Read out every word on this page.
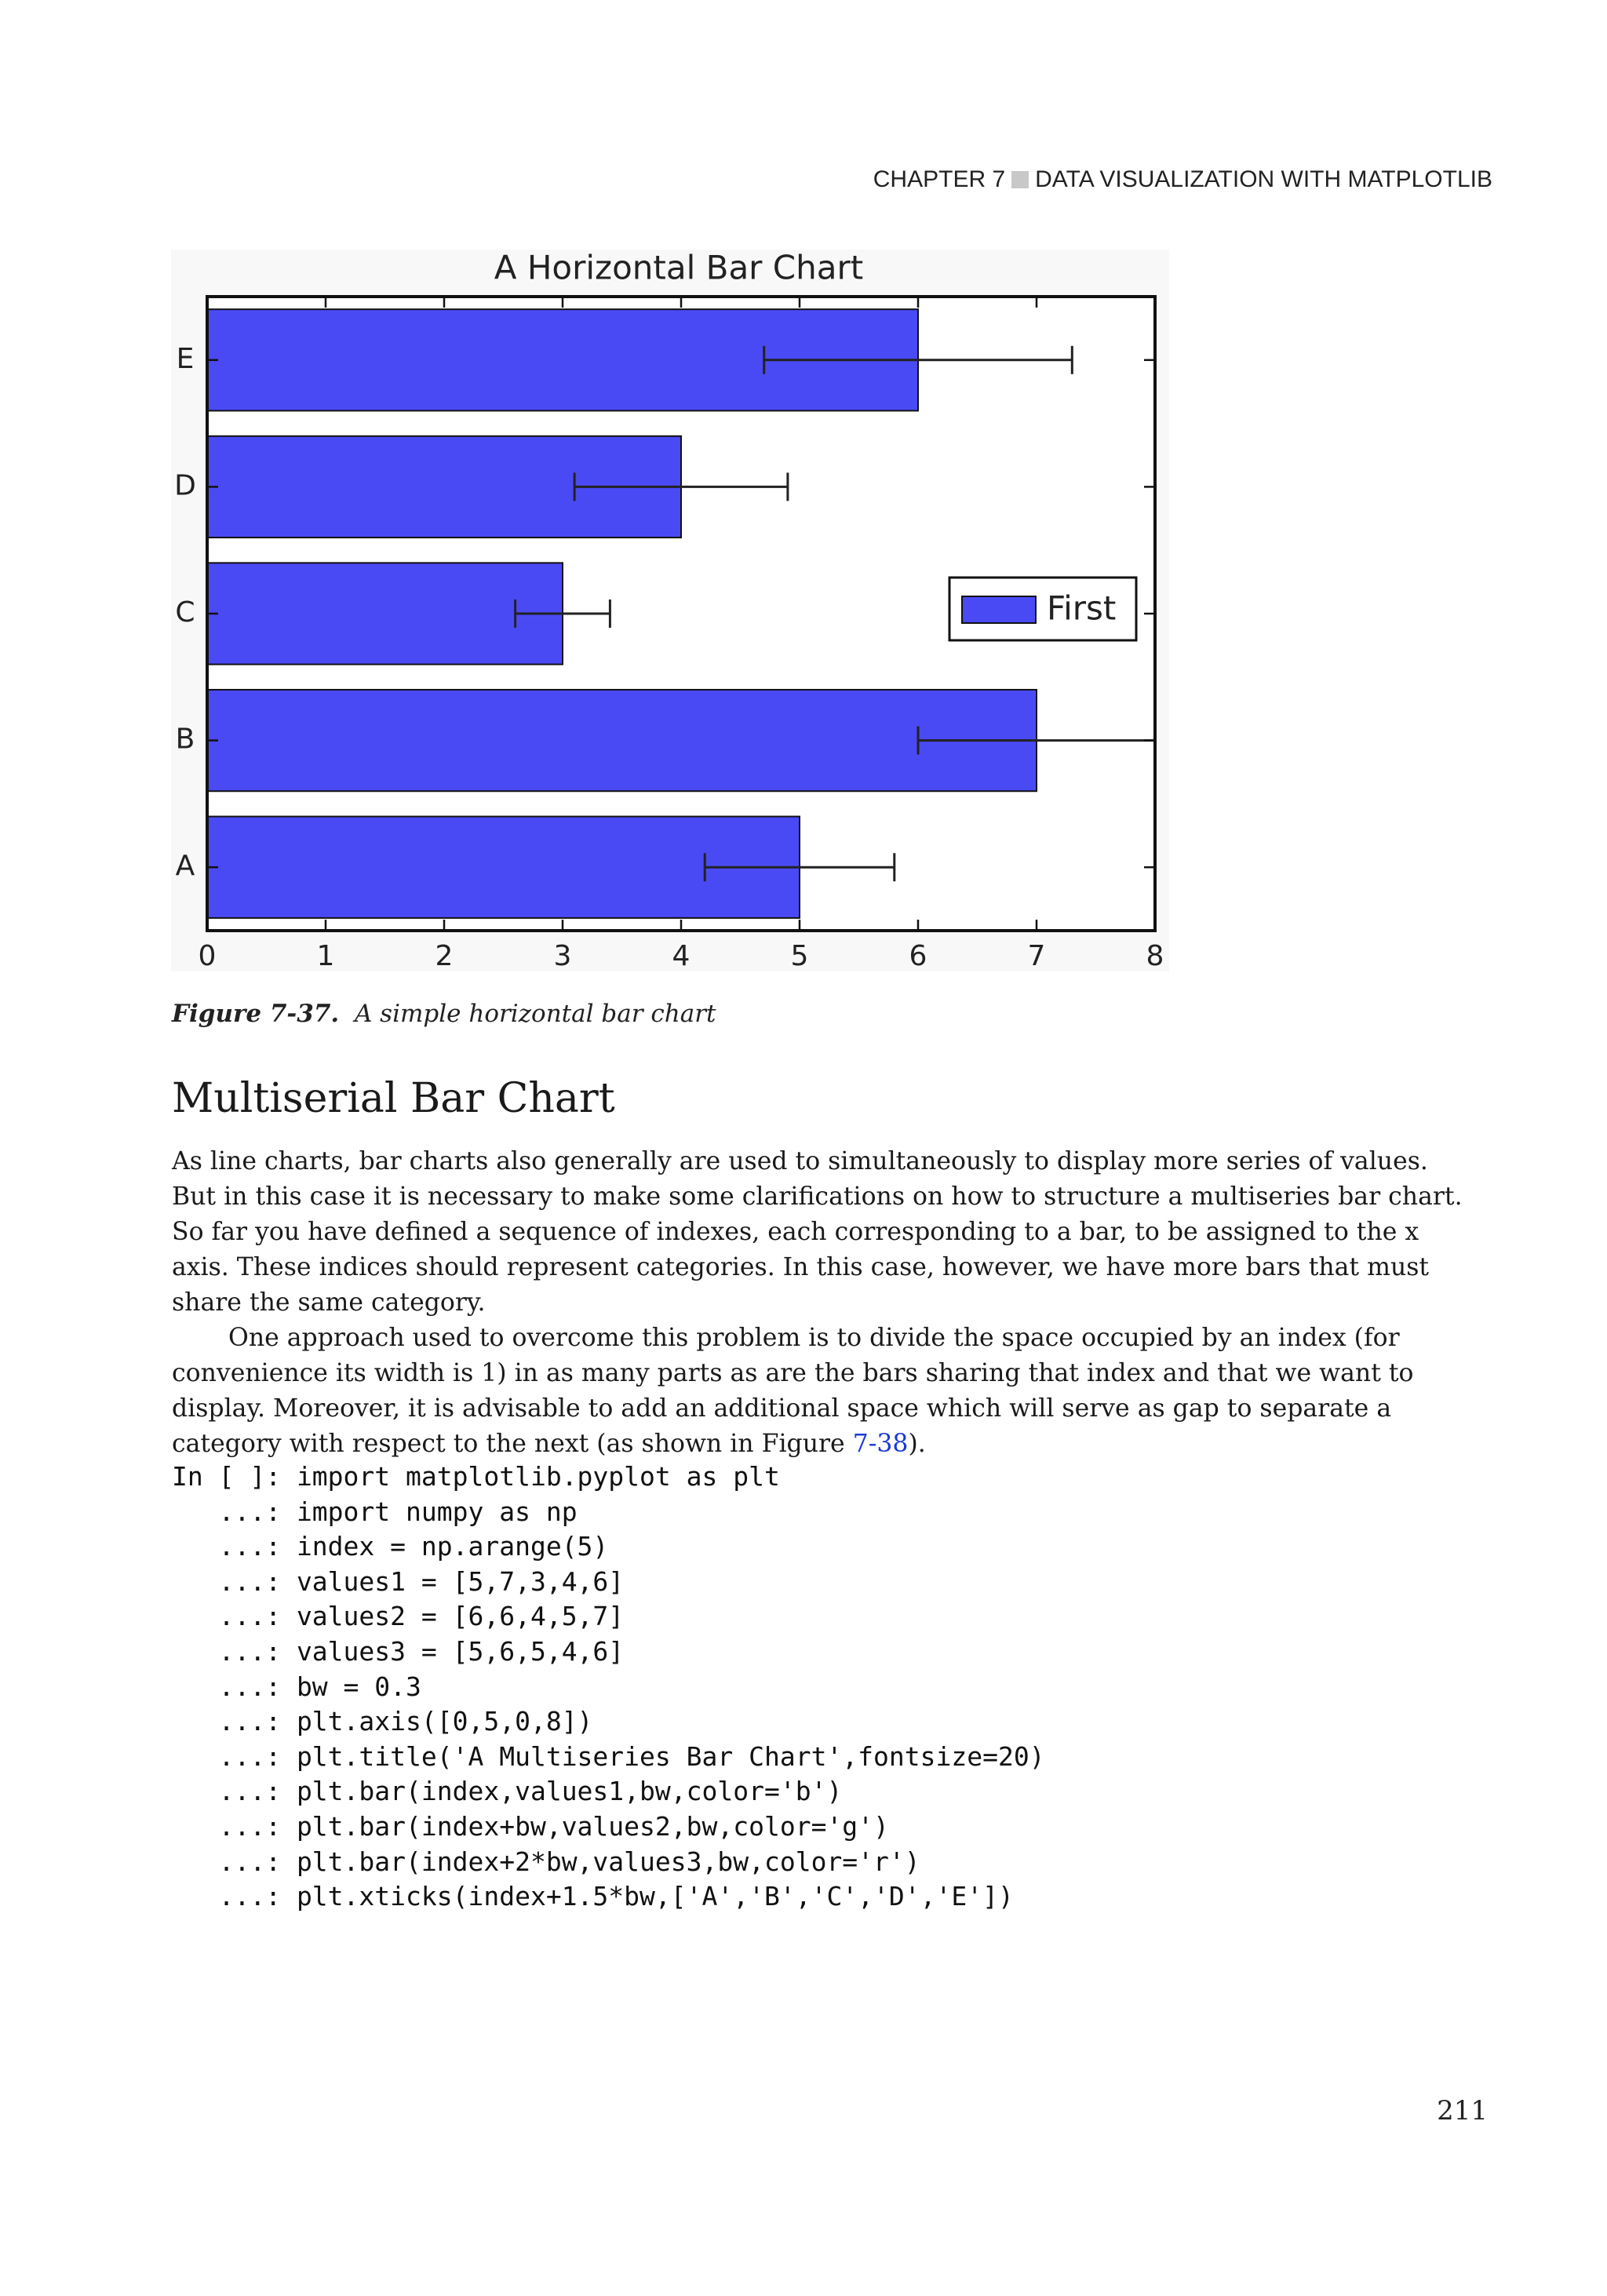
CHAPTER 7 DATA VISUALIZATION WITH MATPLOTLIB
A Horizontal Bar Chart
A
B
C
D
E
0	1	2	3	4	5	6	7	8
First
Figure 7-37. A simple horizontal bar chart
Multiserial Bar Chart

As line charts, bar charts also generally are used to simultaneously to display more series of values. But in this case it is necessary to make some clarifications on how to structure a multiseries bar chart. So far you have defined a sequence of indexes, each corresponding to a bar, to be assigned to the x axis. These indices should represent categories. In this case, however, we have more bars that must share the same category.

One approach used to overcome this problem is to divide the space occupied by an index (for convenience its width is 1) in as many parts as are the bars sharing that index and that we want to display. Moreover, it is advisable to add an additional space which will serve as gap to separate a category with respect to the next (as shown in Figure 7-38).

In [ ]: import matplotlib.pyplot as plt
...: import numpy as np
...: index = np.arange(5)
...: values1 = [5,7,3,4,6]
...: values2 = [6,6,4,5,7]
...: values3 = [5,6,5,4,6]
...: bw = 0.3
...: plt.axis([0,5,0,8])
...: plt.title('A Multiseries Bar Chart',fontsize=20)
...: plt.bar(index,values1,bw,color='b')
...: plt.bar(index+bw,values2,bw,color='g')
...: plt.bar(index+2*bw,values3,bw,color='r')
...: plt.xticks(index+1.5*bw,['A','B','C','D','E'])
211
